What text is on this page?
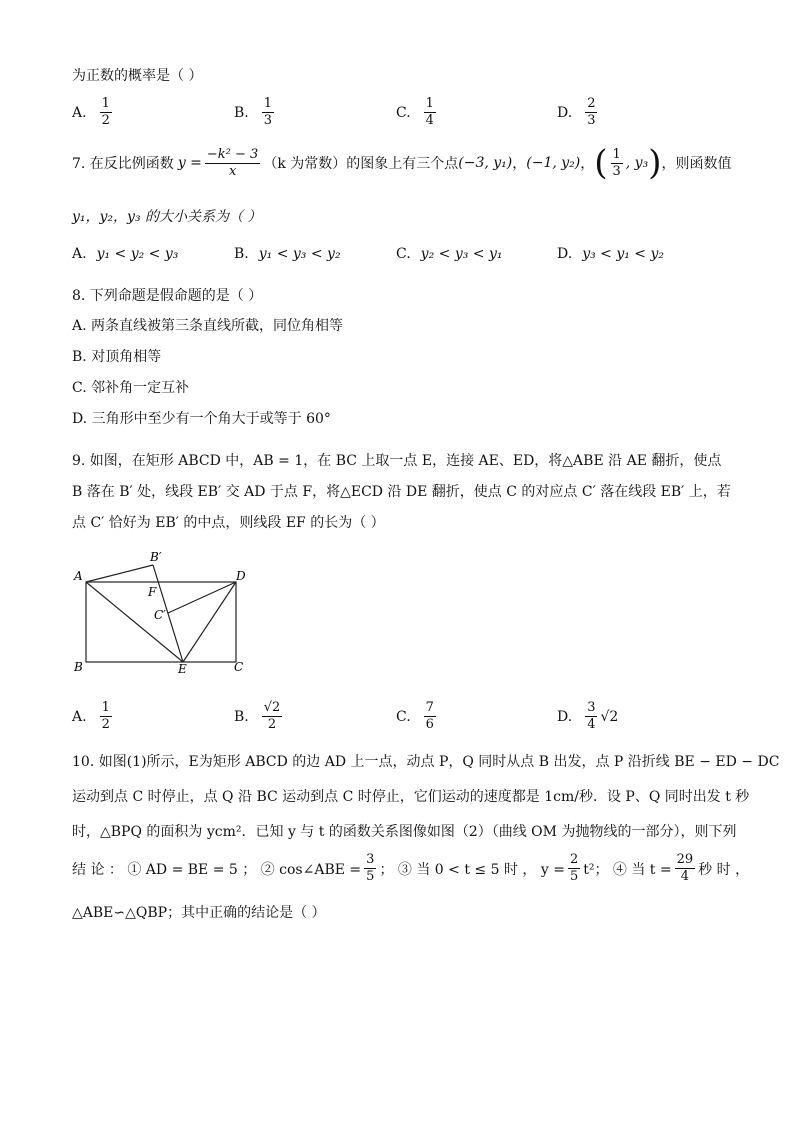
为正数的概率是（ ）
A. $\frac{1}{2}$	B. $\frac{1}{3}$	C. $\frac{1}{4}$	D. $\frac{2}{3}$
7. 在反比例函数 $y = \frac{\text{−k² − 3}}{x} (k$ 为常数）的图象上有三个点 (−3, y₁) ， (−1, y₂) ， ( $\frac{1}{3}$ , y₃ ) ，则函数值
y₁，y₂，y₃ 的大小关系为（ ）
A. y₁ < y₂ < y₃	B. y₁ < y₃ < y₂	C. y₂ < y₃ < y₁	D. y₃ < y₁ < y₂
8. 下列命题是假命题的是（ ）
A. 两条直线被第三条直线所截，同位角相等
B. 对顶角相等
C. 邻补角一定互补
D. 三角形中至少有一个角大于或等于 60°
9. 如图，在矩形 ABCD 中，AB = 1，在 BC 上取一点 E，连接 AE、ED，将△ABE 沿 AE 翻折，使点
B 落在 B′ 处，线段 EB′ 交 AD 于点 F，将△ECD 沿 DE 翻折，使点 C 的对应点 C′ 落在线段 EB′ 上，若
点 C′ 恰好为 EB′ 的中点，则线段 EF 的长为（ ）
A	D
B	C
E
F
B′
C′
A. $\frac{1}{2}$	B. $\frac{√2}{2}$	C. $\frac{7}{6}$	D. $\frac{3}{4} √2$
10. 如图(1)所示，E为矩形 ABCD 的边 AD 上一点，动点 P，Q 同时从点 B 出发，点 P 沿折线 BE − ED − DC
运动到点 C 时停止，点 Q 沿 BC 运动到点 C 时停止，它们运动的速度都是 1cm/秒．设 P、Q 同时出发 t 秒
时，△BPQ 的面积为 ycm²．已知 y 与 t 的函数关系图像如图（2）（曲线 OM 为抛物线的一部分），则下列
结 论 ： ① AD = BE = 5 ； ② cos∠ABE = $\frac{3}{5}$ ； ③ 当 0 < t ≤ 5 时 ， $y = \frac{2}{5} t^2$； ④ 当 $t = \frac{29}{4}$ 秒 时 ，
△ABE∽△QBP；其中正确的结论是（ ）
